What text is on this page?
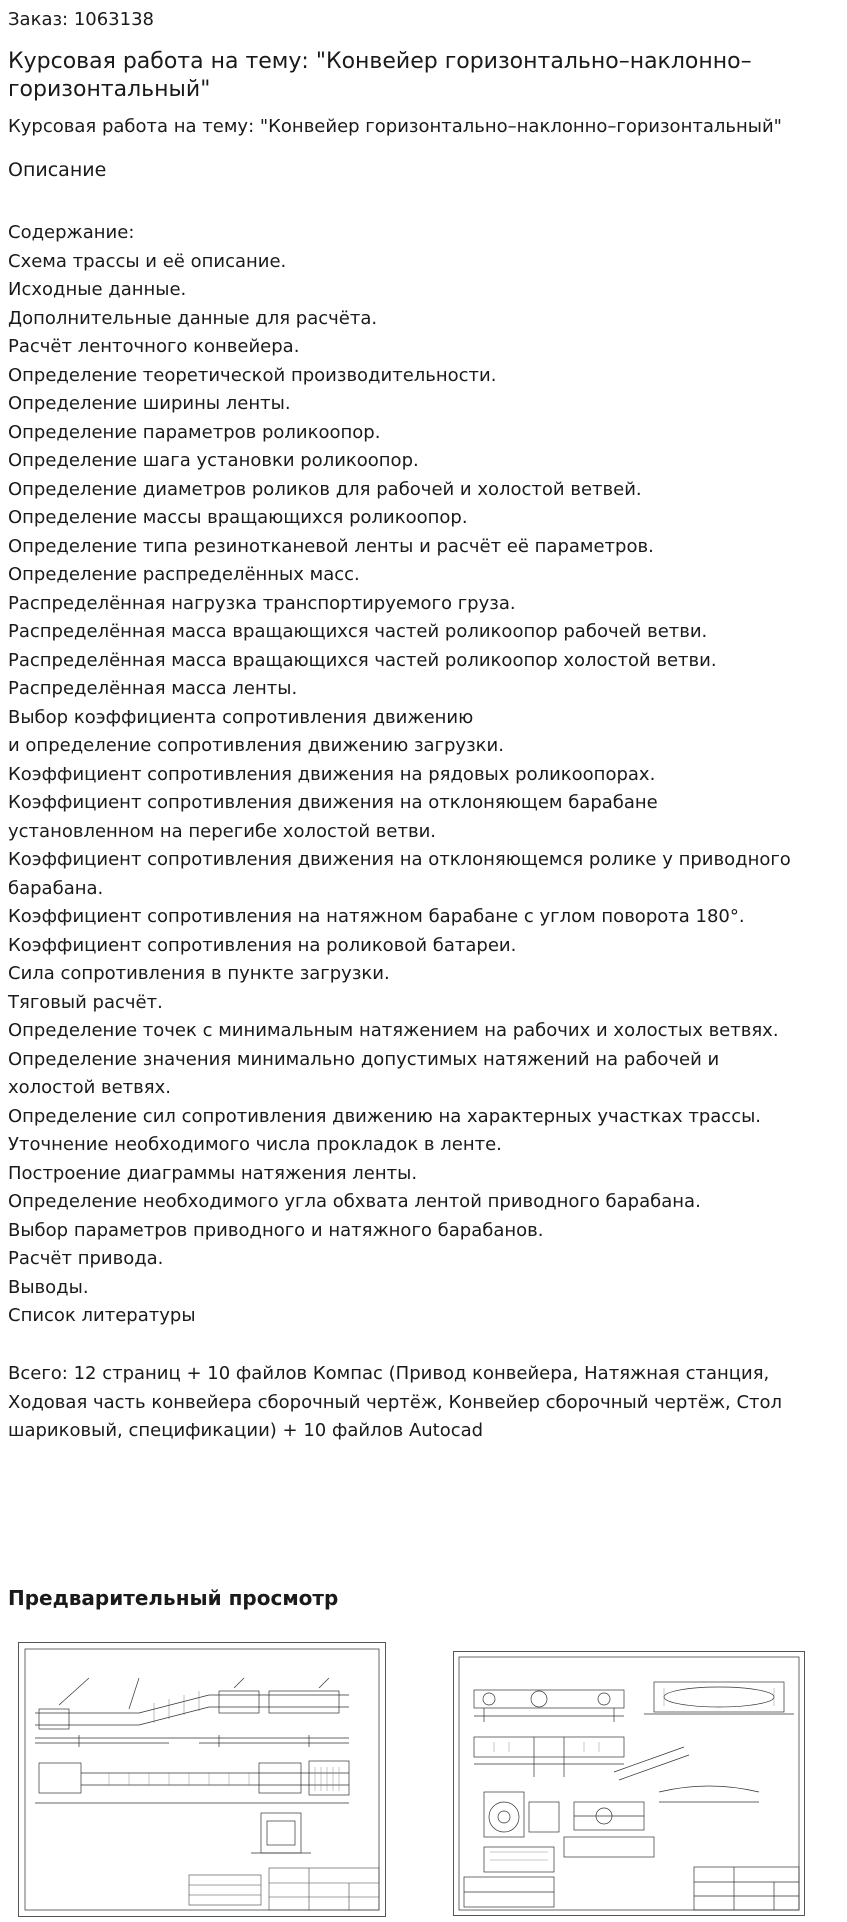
Заказ: 1063138
Курсовая работа на тему: "Конвейер горизонтально–наклонно–горизонтальный"
Курсовая работа на тему: "Конвейер горизонтально–наклонно–горизонтальный"
Описание
Содержание:
Схема трассы и её описание.
Исходные данные.
Дополнительные данные для расчёта.
Расчёт ленточного конвейера.
Определение теоретической производительности.
Определение ширины ленты.
Определение параметров роликоопор.
Определение шага установки роликоопор.
Определение диаметров роликов для рабочей и холостой ветвей.
Определение массы вращающихся роликоопор.
Определение типа резинотканевой ленты и расчёт её параметров.
Определение распределённых масс.
Распределённая нагрузка транспортируемого груза.
Распределённая масса вращающихся частей роликоопор рабочей ветви.
Распределённая масса вращающихся частей роликоопор холостой ветви.
Распределённая масса ленты.
Выбор коэффициента сопротивления движению
и определение сопротивления движению загрузки.
Коэффициент сопротивления движения на рядовых роликоопорах.
Коэффициент сопротивления движения на отклоняющем барабане
установленном на перегибе холостой ветви.
Коэффициент сопротивления движения на отклоняющемся ролике у приводного
барабана.
Коэффициент сопротивления на натяжном барабане с углом поворота 180°.
Коэффициент сопротивления на роликовой батареи.
Сила сопротивления в пункте загрузки.
Тяговый расчёт.
Определение точек с минимальным натяжением на рабочих и холостых ветвях.
Определение значения минимально допустимых натяжений на рабочей и
холостой ветвях.
Определение сил сопротивления движению на характерных участках трассы.
Уточнение необходимого числа прокладок в ленте.
Построение диаграммы натяжения ленты.
Определение необходимого угла обхвата лентой приводного барабана.
Выбор параметров приводного и натяжного барабанов.
Расчёт привода.
Выводы.
Список литературы
Всего: 12 страниц + 10 файлов Компас (Привод конвейера, Натяжная станция,
Ходовая часть конвейера сборочный чертёж, Конвейер сборочный чертёж, Стол
шариковый, спецификации) + 10 файлов Autocad
Предварительный просмотр
